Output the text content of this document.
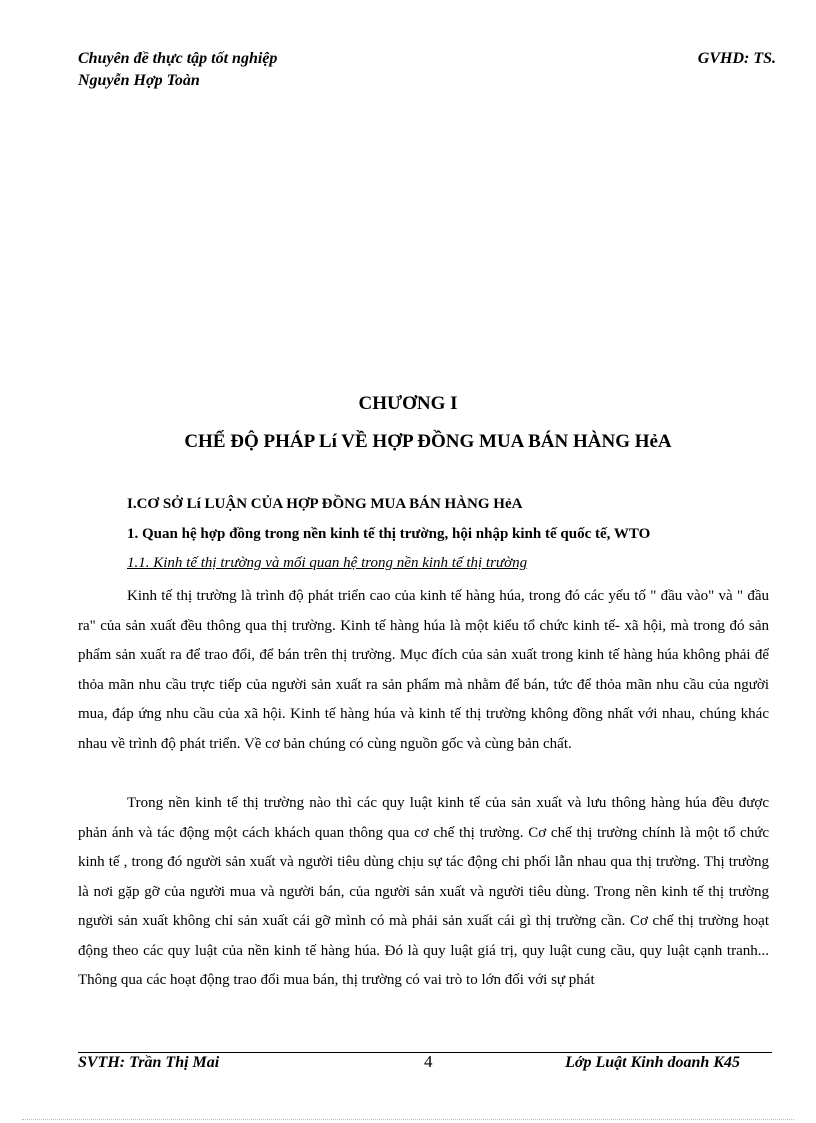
Chuyên đề thực tập tốt nghiệp
Nguyễn Hợp Toàn
GVHD: TS.
CHƯƠNG I
CHẾ ĐỘ PHÁP Lí VỀ HỢP ĐỒNG MUA BÁN HÀNG HẻA
I.CƠ SỞ Lí LUẬN CỦA HỢP ĐỒNG MUA BÁN HÀNG HẻA
1. Quan hệ hợp đồng trong nền kinh tế thị trường, hội nhập kinh tế quốc tế, WTO
1.1. Kinh tế thị trường và mối quan hệ trong nền kinh tế thị trường

Kinh tế thị trường là trình độ phát triển cao của kinh tế hàng húa, trong đó các yếu tố " đầu vào" và " đầu ra" của sản xuất đều thông qua thị trường. Kinh tế hàng húa là một kiểu tổ chức kinh tế- xã hội, mà trong đó sản phẩm sản xuất ra để trao đổi, để bán trên thị trường. Mục đích của sản xuất trong kinh tế hàng húa không phải để thỏa mãn nhu cầu trực tiếp của người sản xuất ra sản phẩm mà nhằm để bán, tức để thỏa mãn nhu cầu của người mua, đáp ứng nhu cầu của xã hội. Kinh tế hàng húa và kinh tế thị trường không đồng nhất với nhau, chúng khác nhau về trình độ phát triển. Về cơ bản chúng có cùng nguồn gốc và cùng bản chất.

Trong nền kinh tế thị trường nào thì các quy luật kinh tế của sản xuất và lưu thông hàng húa đều được phản ánh và tác động một cách khách quan thông qua cơ chế thị trường. Cơ chế thị trường chính là một tổ chức kinh tế , trong đó người sản xuất và người tiêu dùng chịu sự tác động chi phối lẫn nhau qua thị trường. Thị trường là nơi gặp gỡ của người mua và người bán, của người sản xuất và người tiêu dùng. Trong nền kinh tế thị trường người sản xuất không chỉ sản xuất cái gỡ mình có mà phải sản xuất cái gì thị trường cần. Cơ chế thị trường hoạt động theo các quy luật của nền kinh tế hàng húa. Đó là quy luật giá trị, quy luật cung cầu, quy luật cạnh tranh... Thông qua các hoạt động trao đổi mua bán, thị trường có vai trò to lớn đối với sự phát

SVTH: Trần Thị Mai	4	Lớp Luật Kinh doanh K45
